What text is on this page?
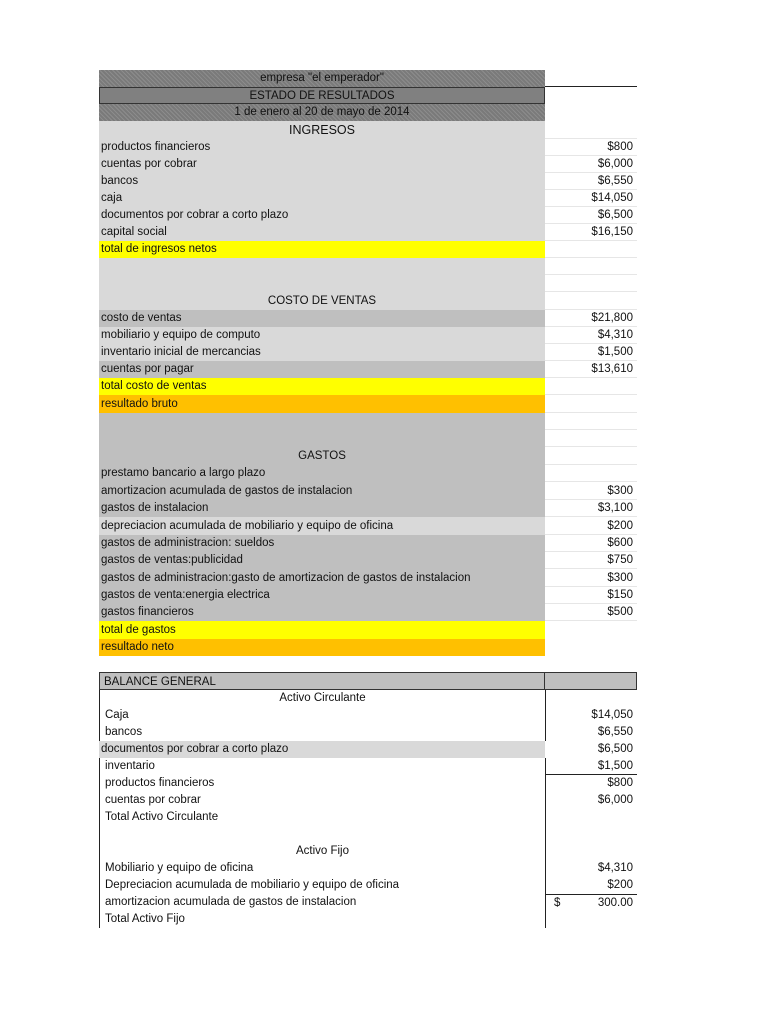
empresa "el emperador"
ESTADO DE RESULTADOS
1 de enero al 20 de mayo de 2014
INGRESOS
productos financieros	$800
cuentas por cobrar	$6,000
bancos	$6,550
caja	$14,050
documentos por cobrar a corto plazo	$6,500
capital social	$16,150
total de ingresos netos
COSTO DE VENTAS
costo de ventas	$21,800
mobiliario y equipo de computo	$4,310
inventario inicial de mercancias	$1,500
cuentas por pagar	$13,610
total costo de ventas
resultado bruto
GASTOS
prestamo bancario a largo plazo
amortizacion acumulada de gastos de instalacion	$300
gastos de instalacion	$3,100
depreciacion acumulada de mobiliario y equipo de oficina	$200
gastos de administracion: sueldos	$600
gastos de ventas:publicidad	$750
gastos de administracion:gasto de amortizacion de gastos de instalacion	$300
gastos de venta:energia electrica	$150
gastos financieros	$500
total de gastos
resultado neto
BALANCE GENERAL
Activo Circulante
Caja	$14,050
bancos	$6,550
documentos por cobrar a corto plazo	$6,500
inventario	$1,500
productos financieros	$800
cuentas por cobrar	$6,000
Total Activo Circulante
Activo Fijo
Mobiliario y equipo de oficina	$4,310
Depreciacion acumulada de mobiliario y equipo de oficina	$200
amortizacion acumulada de gastos de instalacion	$	300.00
Total Activo Fijo
